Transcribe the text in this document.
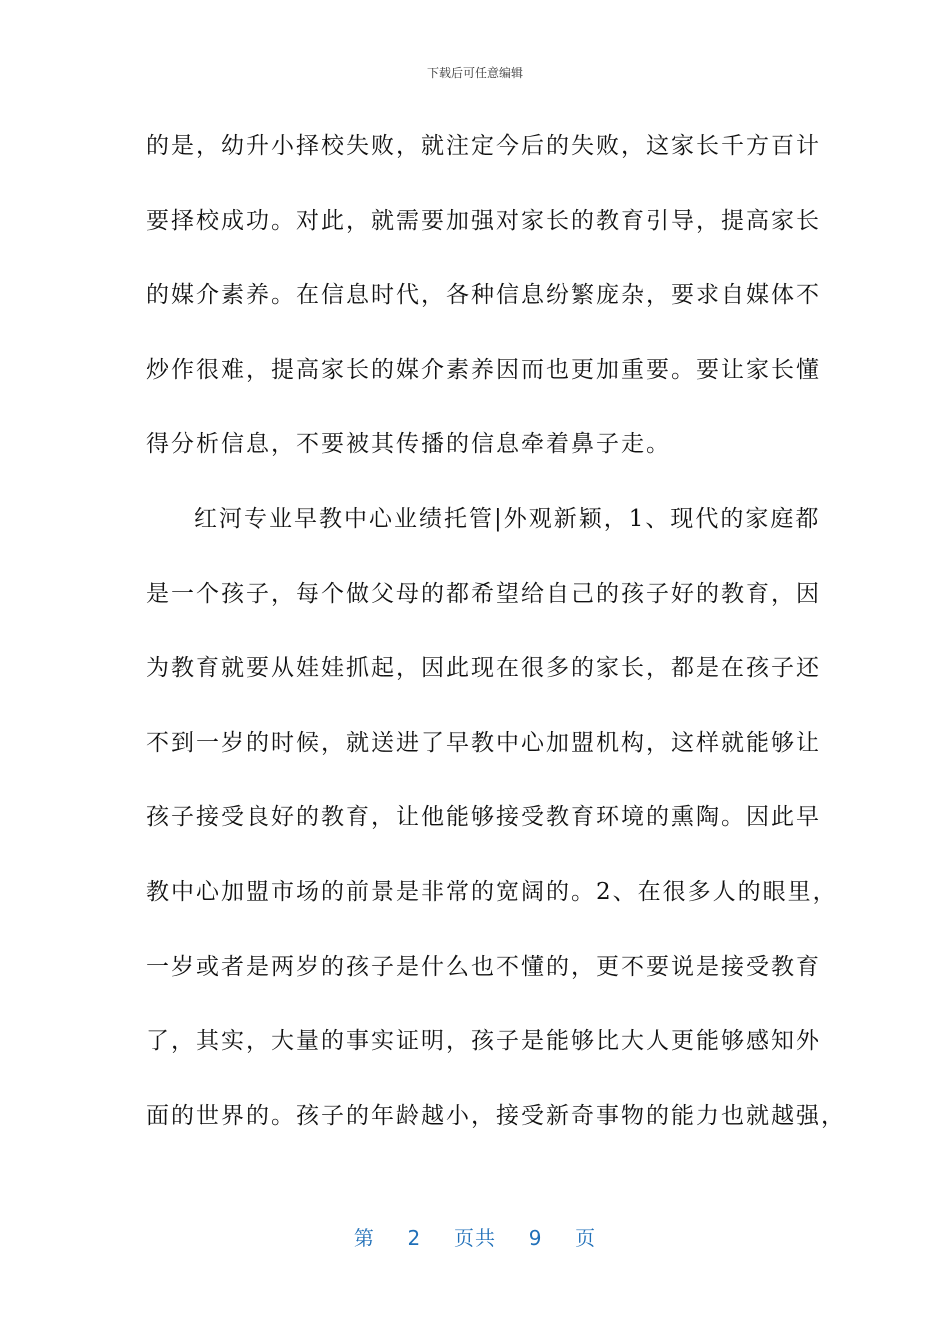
下载后可任意编辑
的是，幼升小择校失败，就注定今后的失败，这家长千方百计
要择校成功。对此，就需要加强对家长的教育引导，提高家长
的媒介素养。在信息时代，各种信息纷繁庞杂，要求自媒体不
炒作很难，提高家长的媒介素养因而也更加重要。要让家长懂
得分析信息，不要被其传播的信息牵着鼻子走。
红河专业早教中心业绩托管|外观新颖，1、现代的家庭都
是一个孩子，每个做父母的都希望给自己的孩子好的教育，因
为教育就要从娃娃抓起，因此现在很多的家长，都是在孩子还
不到一岁的时候，就送进了早教中心加盟机构，这样就能够让
孩子接受良好的教育，让他能够接受教育环境的熏陶。因此早
教中心加盟市场的前景是非常的宽阔的。2、在很多人的眼里，
一岁或者是两岁的孩子是什么也不懂的，更不要说是接受教育
了，其实，大量的事实证明，孩子是能够比大人更能够感知外
面的世界的。孩子的年龄越小，接受新奇事物的能力也就越强，
第 2 页共 9 页
